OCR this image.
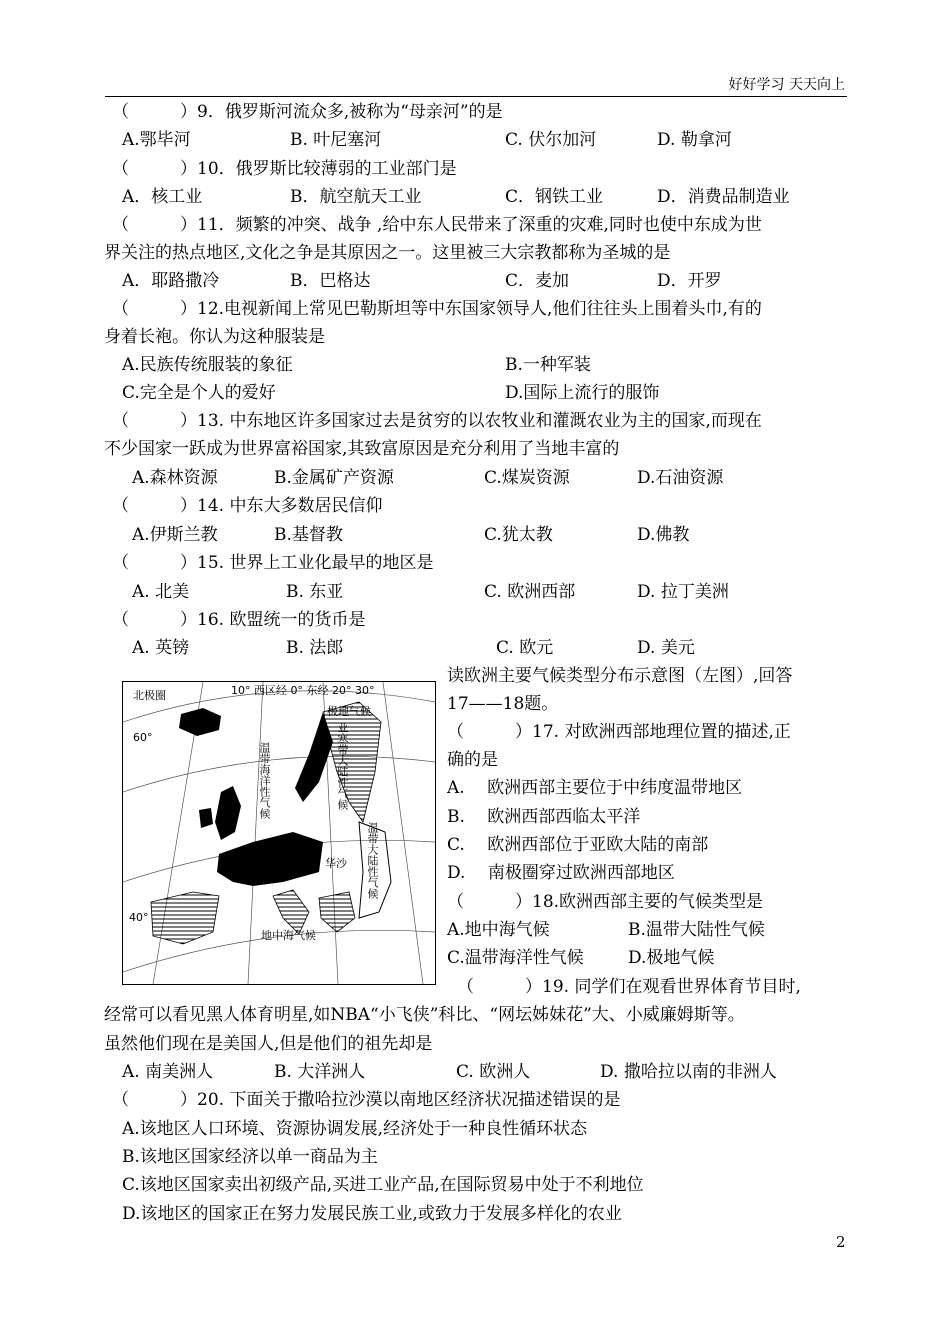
好好学习 天天向上
（　　　）9．俄罗斯河流众多,被称为“母亲河”的是
A.鄂毕河	B. 叶尼塞河	C. 伏尔加河	D. 勒拿河
（　　　）10．俄罗斯比较薄弱的工业部门是
A．核工业	B．航空航天工业	C．钢铁工业	D．消费品制造业
（　　　）11．频繁的冲突、战争 ,给中东人民带来了深重的灾难,同时也使中东成为世
界关注的热点地区,文化之争是其原因之一。这里被三大宗教都称为圣城的是
A．耶路撒冷	B．巴格达	C．麦加	D．开罗
（　　　）12.电视新闻上常见巴勒斯坦等中东国家领导人,他们往往头上围着头巾,有的
身着长袍。你认为这种服装是
A.民族传统服装的象征	B.一种军装
C.完全是个人的爱好	D.国际上流行的服饰
（　　　）13. 中东地区许多国家过去是贫穷的以农牧业和灌溉农业为主的国家,而现在
不少国家一跃成为世界富裕国家,其致富原因是充分利用了当地丰富的
A.森林资源	B.金属矿产资源	C.煤炭资源	D.石油资源
（　　　）14. 中东大多数居民信仰
A.伊斯兰教	B.基督教	C.犹太教	D.佛教
（　　　）15. 世界上工业化最早的地区是
A. 北美	B. 东亚	C. 欧洲西部	D. 拉丁美洲
（　　　）16. 欧盟统一的货币是
A. 英镑	B. 法郎	C. 欧元	D. 美元
10° 西区经 0° 东经 20° 30°
北极圈
60°
40°
极地气候
亚寒带大陆性气候
温带海洋性气候
温带大陆性气候
华沙
地中海气候
读欧洲主要气候类型分布示意图（左图）,回答
17——18题。
（　　　）17. 对欧洲西部地理位置的描述,正
确的是
A.　 欧洲西部主要位于中纬度温带地区
B.　 欧洲西部西临太平洋
C.　 欧洲西部位于亚欧大陆的南部
D.　 南极圈穿过欧洲西部地区
（　　　）18.欧洲西部主要的气候类型是
A.地中海气候	B.温带大陆性气候
C.温带海洋性气候	D.极地气候
（　　　）19. 同学们在观看世界体育节目时,
经常可以看见黑人体育明星,如NBA“小飞侠”科比、“网坛姊妹花”大、小威廉姆斯等。
虽然他们现在是美国人,但是他们的祖先却是
A. 南美洲人	B. 大洋洲人	C. 欧洲人	D. 撒哈拉以南的非洲人
（　　　）20. 下面关于撒哈拉沙漠以南地区经济状况描述错误的是
A.该地区人口环境、资源协调发展,经济处于一种良性循环状态
B.该地区国家经济以单一商品为主
C.该地区国家卖出初级产品,买进工业产品,在国际贸易中处于不利地位
D.该地区的国家正在努力发展民族工业,或致力于发展多样化的农业
2
